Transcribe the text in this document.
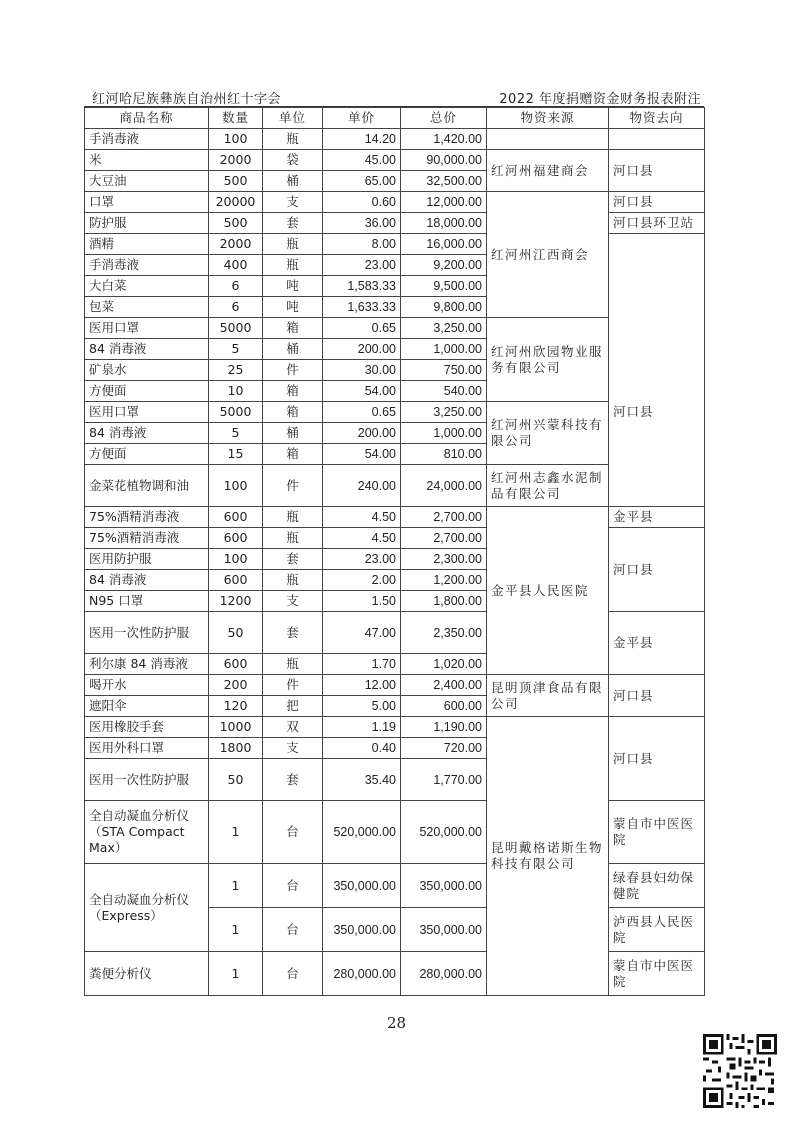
红河哈尼族彝族自治州红十字会	2022 年度捐赠资金财务报表附注
商品名称	数量	单位	单价	总价	物资来源	物资去向
手消毒液	100	瓶	14.20	1,420.00		
米	2000	袋	45.00	90,000.00	红河州福建商会	河口县
大豆油	500	桶	65.00	32,500.00		
口罩	20000	支	0.60	12,000.00	红河州江西商会	河口县
防护服	500	套	36.00	18,000.00		河口县环卫站
酒精	2000	瓶	8.00	16,000.00		
手消毒液	400	瓶	23.00	9,200.00		
大白菜	6	吨	1,583.33	9,500.00		
包菜	6	吨	1,633.33	9,800.00		
医用口罩	5000	箱	0.65	3,250.00	红河州欣园物业服务有限公司	河口县
84 消毒液	5	桶	200.00	1,000.00		
矿泉水	25	件	30.00	750.00		
方便面	10	箱	54.00	540.00		
医用口罩	5000	箱	0.65	3,250.00	红河州兴蒙科技有限公司	
84 消毒液	5	桶	200.00	1,000.00		
方便面	15	箱	54.00	810.00		
金菜花植物调和油	100	件	240.00	24,000.00	红河州志鑫水泥制品有限公司	
75%酒精消毒液	600	瓶	4.50	2,700.00	金平县人民医院	金平县
75%酒精消毒液	600	瓶	4.50	2,700.00		河口县
医用防护服	100	套	23.00	2,300.00		
84 消毒液	600	瓶	2.00	1,200.00		
N95 口罩	1200	支	1.50	1,800.00		
医用一次性防护服	50	套	47.00	2,350.00		金平县
利尔康 84 消毒液	600	瓶	1.70	1,020.00		
喝开水	200	件	12.00	2,400.00	昆明顶津食品有限公司	河口县
遮阳伞	120	把	5.00	600.00		
医用橡胶手套	1000	双	1.19	1,190.00	昆明戴格诺斯生物科技有限公司	河口县
医用外科口罩	1800	支	0.40	720.00		
医用一次性防护服	50	套	35.40	1,770.00		
全自动凝血分析仪（STA Compact Max）	1	台	520,000.00	520,000.00		蒙自市中医医院
全自动凝血分析仪（Express）	1	台	350,000.00	350,000.00		绿春县妇幼保健院
	1	台	350,000.00	350,000.00		泸西县人民医院
粪便分析仪	1	台	280,000.00	280,000.00		蒙自市中医医院
28
